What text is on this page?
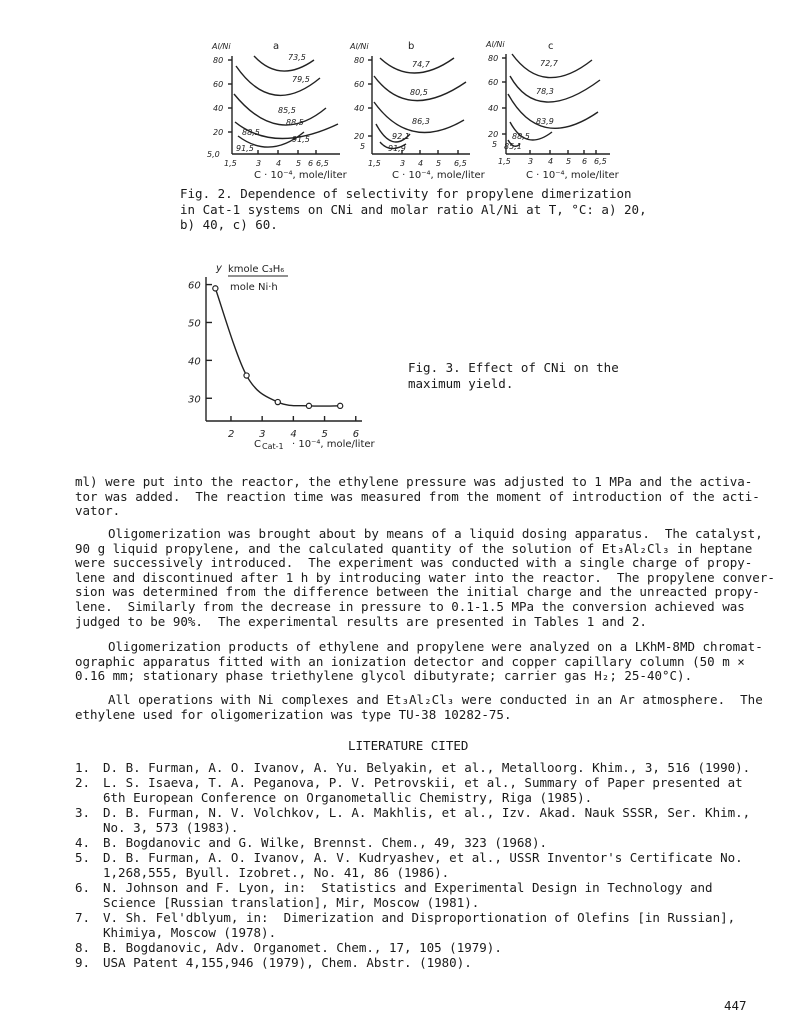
Al/Ni	a
80
60
40
20
5,0
73,5
79,5
85,5
88,5
91,5
88,5
91,5
1,5 3 4 5 6 6,5
C · 10⁻⁴, mole/liter
Al/Ni	b
80
60
40
20
5
74,7
80,5
86,3
92,1
91,9
1,5 3 4 5 6,5
C · 10⁻⁴, mole/liter
Al/Ni	c
80
60
40
20
5
72,7
78,3
83,9
88,5
85,1
1,5 3 4 5 6 6,5
C · 10⁻⁴, mole/liter
Fig. 2. Dependence of selectivity for propylene dimerization
in Cat-1 systems on CNi and molar ratio Al/Ni at T, °C: a) 20,
b) 40, c) 60.
y kmole C₃H₆
mole Ni·h
C Cat-1 · 10⁻⁴, mole/liter
60
50
40
30
2 3 4 5 6
Fig. 3. Effect of CNi on the
maximum yield.
ml) were put into the reactor, the ethylene pressure was adjusted to 1 MPa and the activa-
tor was added.  The reaction time was measured from the moment of introduction of the acti-
vator.
Oligomerization was brought about by means of a liquid dosing apparatus.  The catalyst,
90 g liquid propylene, and the calculated quantity of the solution of Et₃Al₂Cl₃ in heptane
were successively introduced.  The experiment was conducted with a single charge of propy-
lene and discontinued after 1 h by introducing water into the reactor.  The propylene conver-
sion was determined from the difference between the initial charge and the unreacted propy-
lene.  Similarly from the decrease in pressure to 0.1-1.5 MPa the conversion achieved was
judged to be 90%.  The experimental results are presented in Tables 1 and 2.
Oligomerization products of ethylene and propylene were analyzed on a LKhM-8MD chromat-
ographic apparatus fitted with an ionization detector and copper capillary column (50 m ×
0.16 mm; stationary phase triethylene glycol dibutyrate; carrier gas H₂; 25-40°C).
All operations with Ni complexes and Et₃Al₂Cl₃ were conducted in an Ar atmosphere.  The
ethylene used for oligomerization was type TU-38 10282-75.
LITERATURE CITED
1. D. B. Furman, A. O. Ivanov, A. Yu. Belyakin, et al., Metalloorg. Khim., 3, 516 (1990).
2. L. S. Isaeva, T. A. Peganova, P. V. Petrovskii, et al., Summary of Paper presented at
6th European Conference on Organometallic Chemistry, Riga (1985).
3. D. B. Furman, N. V. Volchkov, L. A. Makhlis, et al., Izv. Akad. Nauk SSSR, Ser. Khim.,
No. 3, 573 (1983).
4. B. Bogdanovic and G. Wilke, Brennst. Chem., 49, 323 (1968).
5. D. B. Furman, A. O. Ivanov, A. V. Kudryashev, et al., USSR Inventor's Certificate No.
1,268,555, Byull. Izobret., No. 41, 86 (1986).
6. N. Johnson and F. Lyon, in:  Statistics and Experimental Design in Technology and
Science [Russian translation], Mir, Moscow (1981).
7. V. Sh. Fel'dblyum, in:  Dimerization and Disproportionation of Olefins [in Russian],
Khimiya, Moscow (1978).
8. B. Bogdanovic, Adv. Organomet. Chem., 17, 105 (1979).
9. USA Patent 4,155,946 (1979), Chem. Abstr. (1980).
447
